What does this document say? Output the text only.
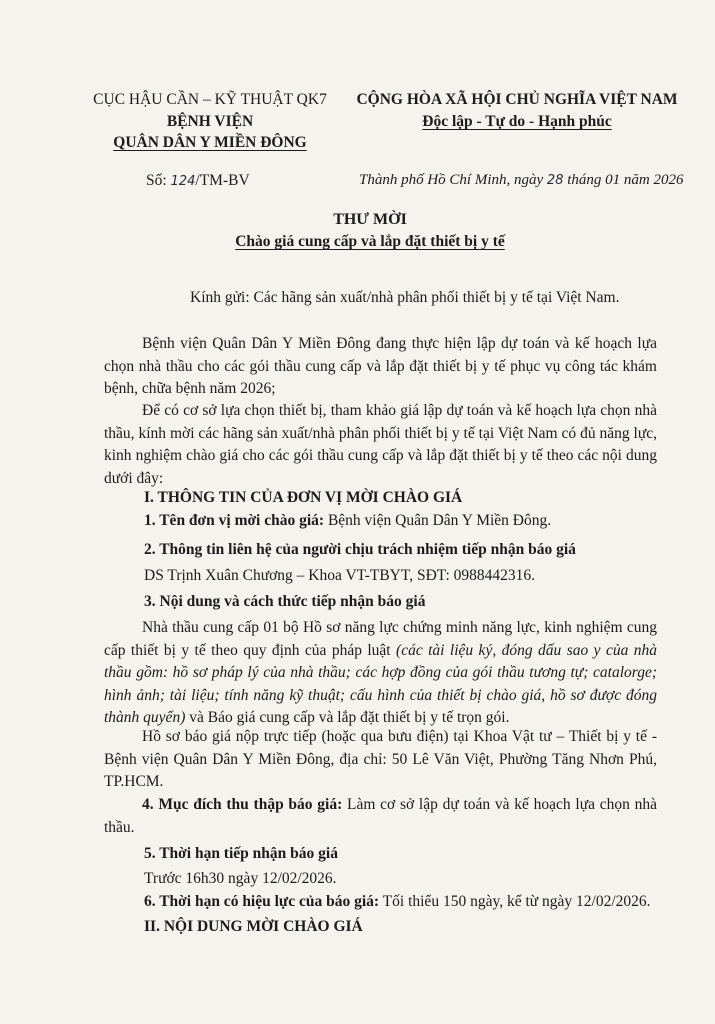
CỤC HẬU CẦN – KỸ THUẬT QK7
BỆNH VIỆN
QUÂN DÂN Y MIỀN ĐÔNG
CỘNG HÒA XÃ HỘI CHỦ NGHĨA VIỆT NAM
Độc lập - Tự do - Hạnh phúc
Số: 124/TM-BV	Thành phố Hồ Chí Minh, ngày 28 tháng 01 năm 2026
THƯ MỜI
Chào giá cung cấp và lắp đặt thiết bị y tế
Kính gửi: Các hãng sản xuất/nhà phân phối thiết bị y tế tại Việt Nam.
Bệnh viện Quân Dân Y Miền Đông đang thực hiện lập dự toán và kế hoạch lựa chọn nhà thầu cho các gói thầu cung cấp và lắp đặt thiết bị y tế phục vụ công tác khám bệnh, chữa bệnh năm 2026;
Để có cơ sở lựa chọn thiết bị, tham khảo giá lập dự toán và kế hoạch lựa chọn nhà thầu, kính mời các hãng sản xuất/nhà phân phối thiết bị y tế tại Việt Nam có đủ năng lực, kinh nghiệm chào giá cho các gói thầu cung cấp và lắp đặt thiết bị y tế theo các nội dung dưới đây:
I. THÔNG TIN CỦA ĐƠN VỊ MỜI CHÀO GIÁ
1. Tên đơn vị mời chào giá: Bệnh viện Quân Dân Y Miền Đông.
2. Thông tin liên hệ của người chịu trách nhiệm tiếp nhận báo giá
DS Trịnh Xuân Chương – Khoa VT-TBYT, SĐT: 0988442316.
3. Nội dung và cách thức tiếp nhận báo giá
Nhà thầu cung cấp 01 bộ Hồ sơ năng lực chứng minh năng lực, kinh nghiệm cung cấp thiết bị y tế theo quy định của pháp luật (các tài liệu ký, đóng dấu sao y của nhà thầu gồm: hồ sơ pháp lý của nhà thầu; các hợp đồng của gói thầu tương tự; catalorge; hình ảnh; tài liệu; tính năng kỹ thuật; cấu hình của thiết bị chào giá, hồ sơ được đóng thành quyển) và Báo giá cung cấp và lắp đặt thiết bị y tế trọn gói.
Hồ sơ báo giá nộp trực tiếp (hoặc qua bưu điện) tại Khoa Vật tư – Thiết bị y tế - Bệnh viện Quân Dân Y Miền Đông, địa chỉ: 50 Lê Văn Việt, Phường Tăng Nhơn Phú, TP.HCM.
4. Mục đích thu thập báo giá: Làm cơ sở lập dự toán và kế hoạch lựa chọn nhà thầu.
5. Thời hạn tiếp nhận báo giá
Trước 16h30 ngày 12/02/2026.
6. Thời hạn có hiệu lực của báo giá: Tối thiểu 150 ngày, kể từ ngày 12/02/2026.
II. NỘI DUNG MỜI CHÀO GIÁ
